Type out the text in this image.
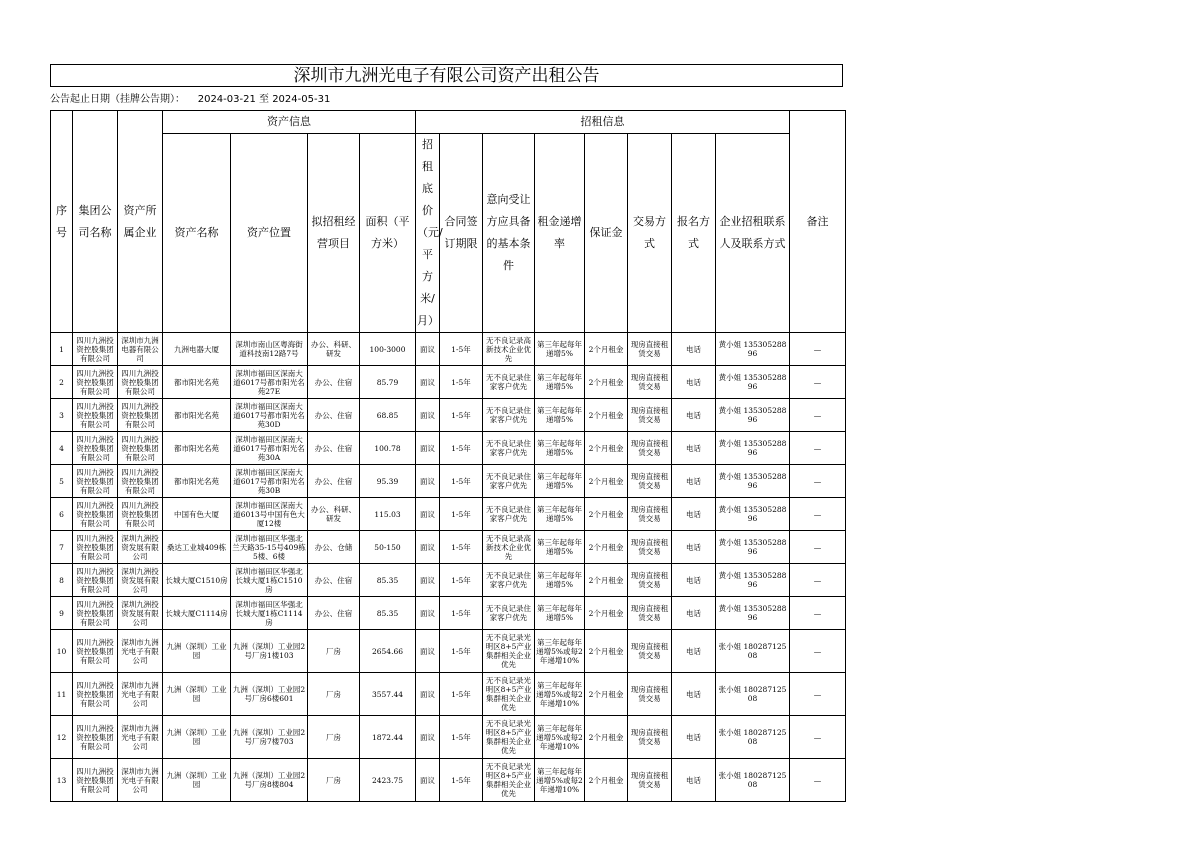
深圳市九洲光电子有限公司资产出租公告
公告起止日期（挂牌公告期）： 2024-03-21 至 2024-05-31
序号	集团公司名称	资产所属企业	资产信息				招租信息								备注

			资产名称	资产位置	拟招租经营项目	面积（平方米）	招租底价（元/平方米/月）	合同签订期限	意向受让方应具备的基本条件	租金递增率	保证金	交易方式	报名方式	企业招租联系人及联系方式	

1	四川九洲投资控股集团有限公司	深圳市九洲电器有限公司	九洲电器大厦	深圳市南山区粤海街道科技南12路7号	办公、科研、研发	100-3000	面议	1-5年	无不良记录高新技术企业优先	第三年起每年递增5%	2个月租金	现房直接租赁交易	电话	黄小姐 13530528896	—

2	四川九洲投资控股集团有限公司	四川九洲投资控股集团有限公司	都市阳光名苑	深圳市福田区深南大道6017号都市阳光名苑27E	办公、住宿	85.79	面议	1-5年	无不良记录住家客户优先	第三年起每年递增5%	2个月租金	现房直接租赁交易	电话	黄小姐 13530528896	—

3	四川九洲投资控股集团有限公司	四川九洲投资控股集团有限公司	都市阳光名苑	深圳市福田区深南大道6017号都市阳光名苑30D	办公、住宿	68.85	面议	1-5年	无不良记录住家客户优先	第三年起每年递增5%	2个月租金	现房直接租赁交易	电话	黄小姐 13530528896	—

4	四川九洲投资控股集团有限公司	四川九洲投资控股集团有限公司	都市阳光名苑	深圳市福田区深南大道6017号都市阳光名苑30A	办公、住宿	100.78	面议	1-5年	无不良记录住家客户优先	第三年起每年递增5%	2个月租金	现房直接租赁交易	电话	黄小姐 13530528896	—

5	四川九洲投资控股集团有限公司	四川九洲投资控股集团有限公司	都市阳光名苑	深圳市福田区深南大道6017号都市阳光名苑30B	办公、住宿	95.39	面议	1-5年	无不良记录住家客户优先	第三年起每年递增5%	2个月租金	现房直接租赁交易	电话	黄小姐 13530528896	—

6	四川九洲投资控股集团有限公司	四川九洲投资控股集团有限公司	中国有色大厦	深圳市福田区深南大道6013号中国有色大厦12楼	办公、科研、研发	115.03	面议	1-5年	无不良记录住家客户优先	第三年起每年递增5%	2个月租金	现房直接租赁交易	电话	黄小姐 13530528896	—

7	四川九洲投资控股集团有限公司	深圳九洲投资发展有限公司	桑达工业城409栋	深圳市福田区华强北兰天路35-15号409栋5楼、6楼	办公、仓储	50-150	面议	1-5年	无不良记录高新技术企业优先	第三年起每年递增5%	2个月租金	现房直接租赁交易	电话	黄小姐 13530528896	—

8	四川九洲投资控股集团有限公司	深圳九洲投资发展有限公司	长城大厦C1510房	深圳市福田区华强北长城大厦1栋C1510房	办公、住宿	85.35	面议	1-5年	无不良记录住家客户优先	第三年起每年递增5%	2个月租金	现房直接租赁交易	电话	黄小姐 13530528896	—

9	四川九洲投资控股集团有限公司	深圳九洲投资发展有限公司	长城大厦C1114房	深圳市福田区华强北长城大厦1栋C1114房	办公、住宿	85.35	面议	1-5年	无不良记录住家客户优先	第三年起每年递增5%	2个月租金	现房直接租赁交易	电话	黄小姐 13530528896	—

10	四川九洲投资控股集团有限公司	深圳市九洲光电子有限公司	九洲（深圳）工业园	九洲（深圳）工业园2号厂房1楼103	厂房	2654.66	面议	1-5年	无不良记录光明区8+5产业集群相关企业优先	第三年起每年递增5%或每2年递增10%	2个月租金	现房直接租赁交易	电话	张小姐 18028712508	—

11	四川九洲投资控股集团有限公司	深圳市九洲光电子有限公司	九洲（深圳）工业园	九洲（深圳）工业园2号厂房6楼601	厂房	3557.44	面议	1-5年	无不良记录光明区8+5产业集群相关企业优先	第三年起每年递增5%或每2年递增10%	2个月租金	现房直接租赁交易	电话	张小姐 18028712508	—

12	四川九洲投资控股集团有限公司	深圳市九洲光电子有限公司	九洲（深圳）工业园	九洲（深圳）工业园2号厂房7楼703	厂房	1872.44	面议	1-5年	无不良记录光明区8+5产业集群相关企业优先	第三年起每年递增5%或每2年递增10%	2个月租金	现房直接租赁交易	电话	张小姐 18028712508	—

13	四川九洲投资控股集团有限公司	深圳市九洲光电子有限公司	九洲（深圳）工业园	九洲（深圳）工业园2号厂房8楼804	厂房	2423.75	面议	1-5年	无不良记录光明区8+5产业集群相关企业优先	第三年起每年递增5%或每2年递增10%	2个月租金	现房直接租赁交易	电话	张小姐 18028712508	—
